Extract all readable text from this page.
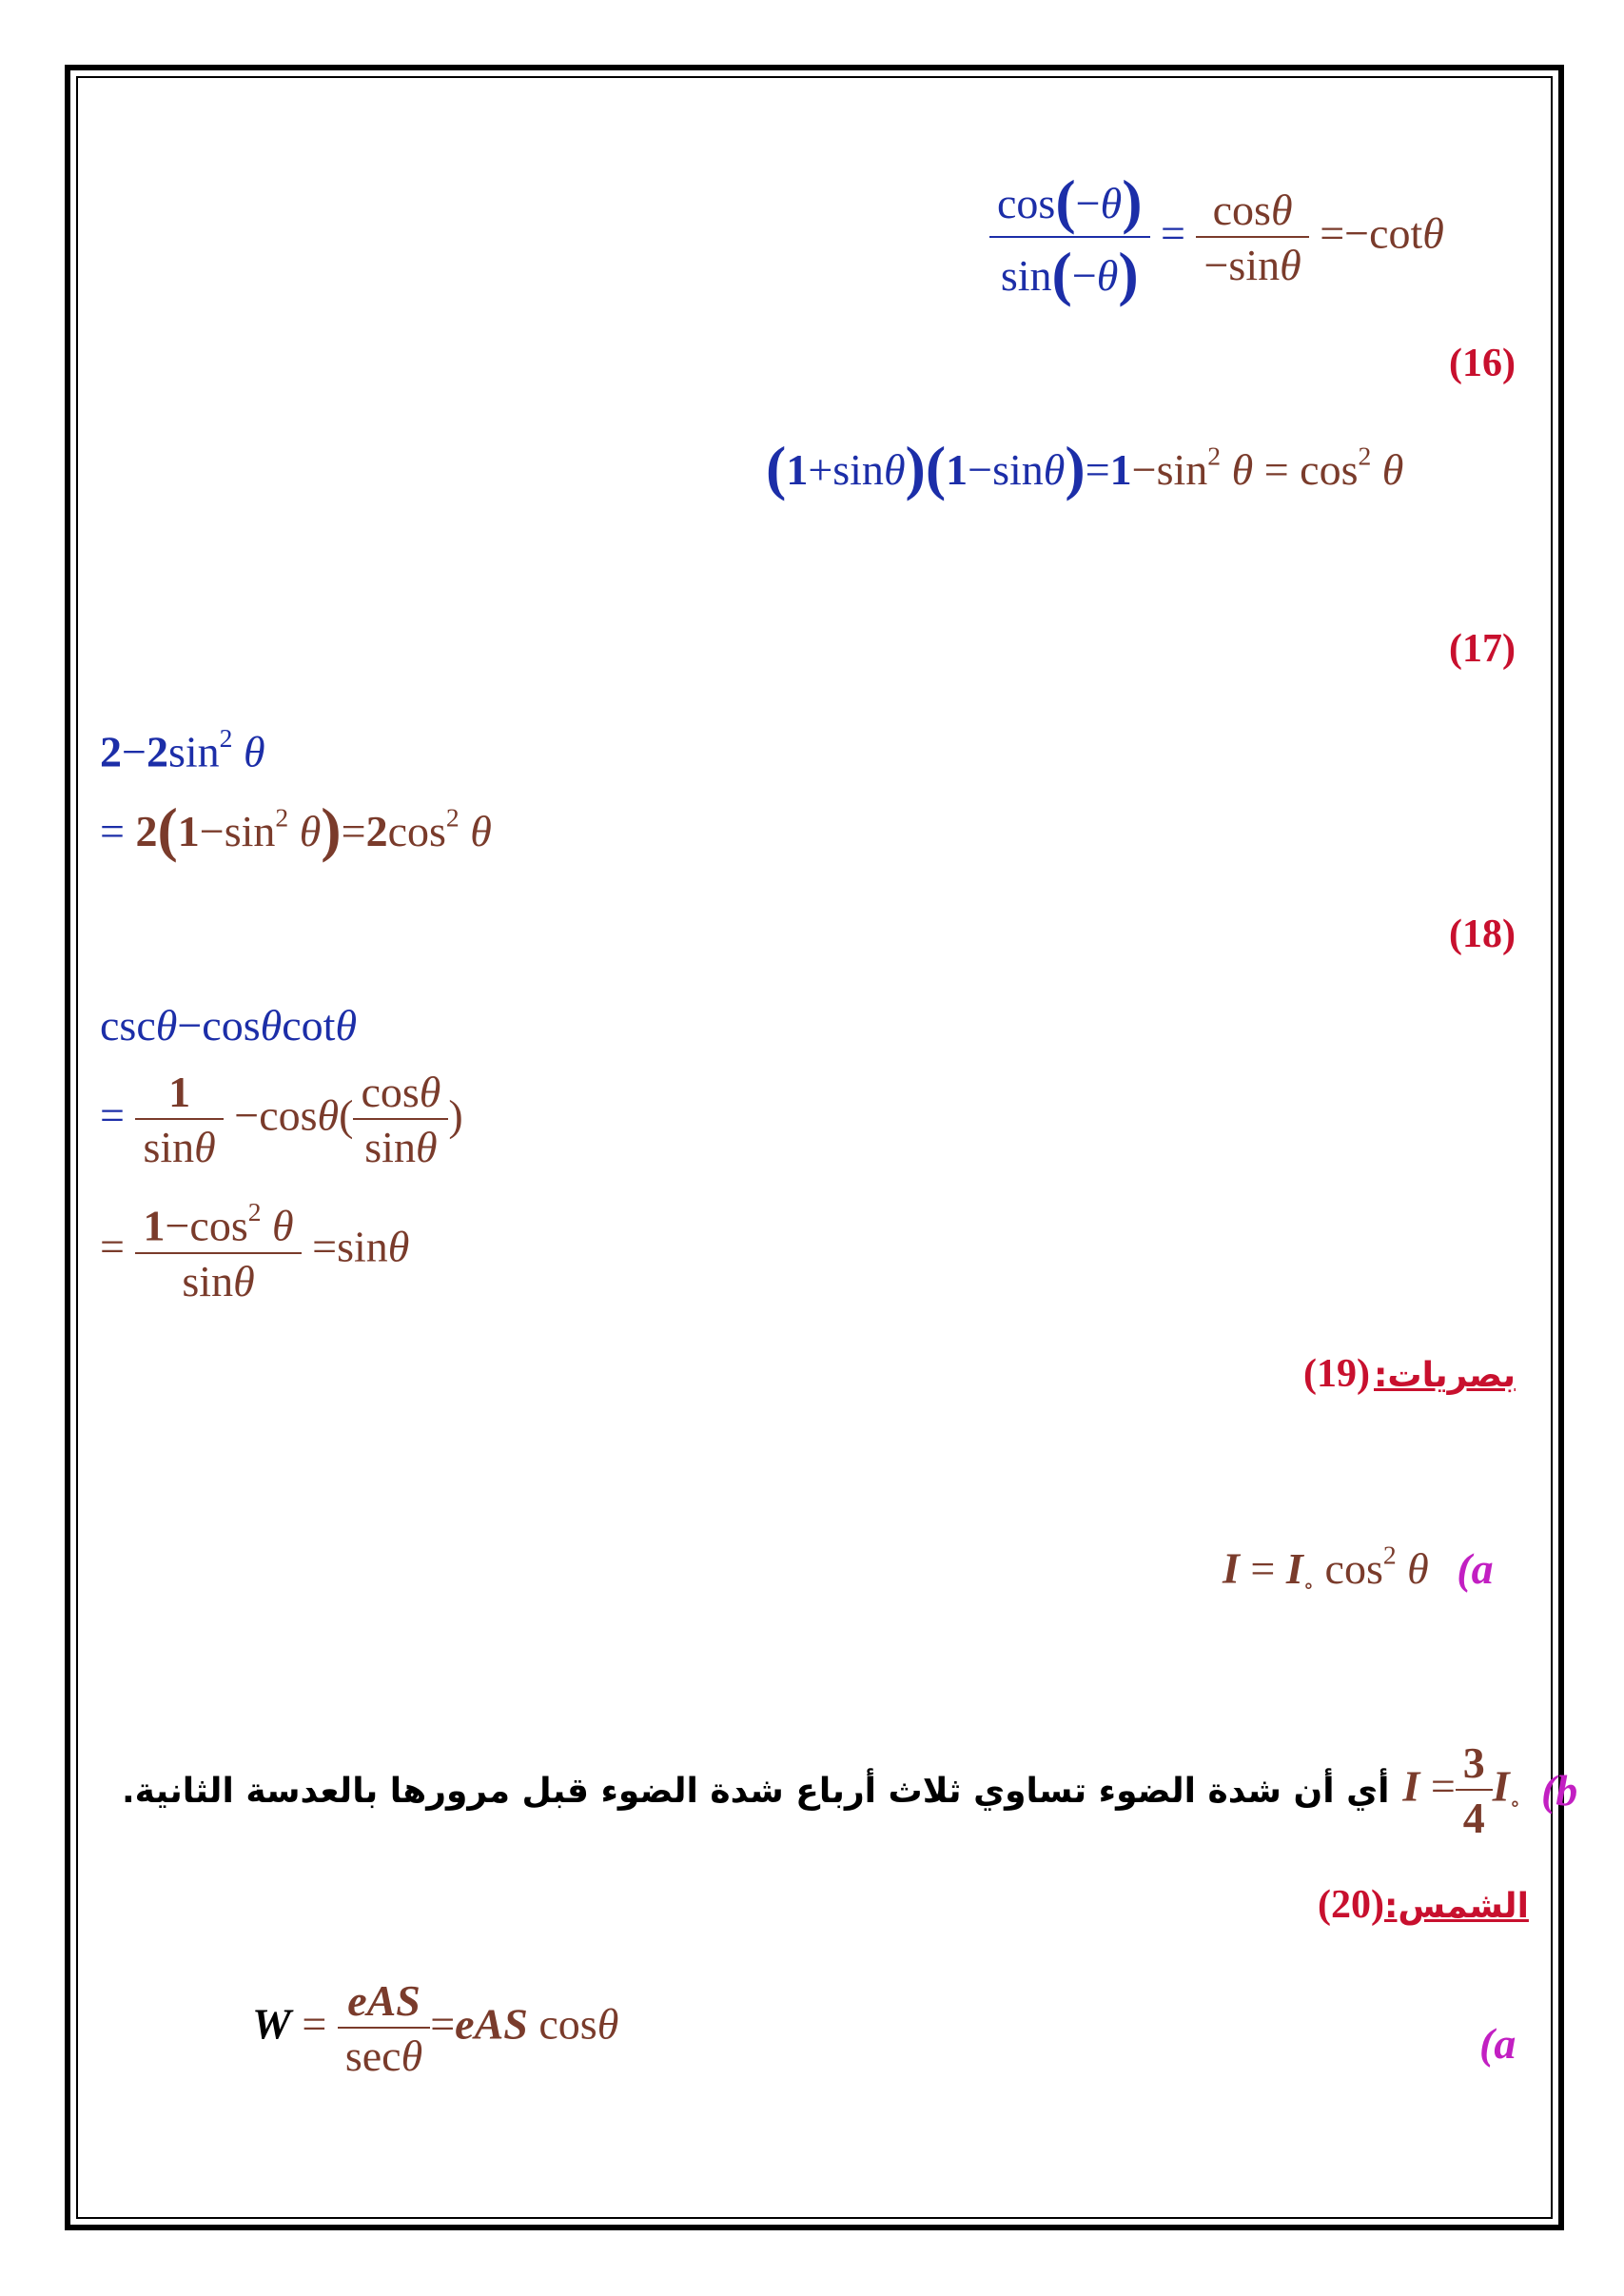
$\frac{\cos(-\theta)}{\sin(-\theta)} = \frac{\cos\theta}{-\sin\theta} =-\cot\theta$
(16)
$(1+\sin\theta)(1-\sin\theta)=1-\sin^2$ $\theta = \cos^2 \theta$
(17)
$2-2\sin^2$ θ
= $2(1-\sin^2$ $\theta)=2\cos^2$ θ
(18)
cscθ−cosθcotθ
= $\frac{1}{\sin\theta} -\cos\theta( \frac{\cos\theta}{\sin\theta}$ )
= $\frac{1-\cos^2 \theta}{\sin\theta} =\sin\theta$
بصريات: (19)
$I = I_\circ$ $\cos^2 \theta$ (a
أي أن شدة الضوء تساوي ثلاث أرباع شدة الضوء قبل مرورها بالعدسة الثانية. $I = \frac{3}{4} I_\circ$ (b
الشمس:(20)
$W = \frac{\text{eAS}}{\sec\theta} =eAS$ cosθ	(a
